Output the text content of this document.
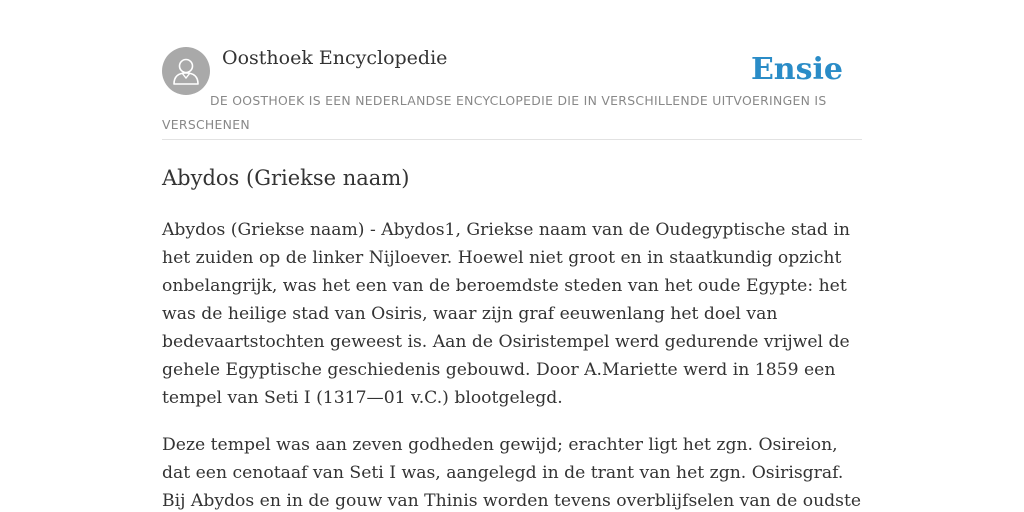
Oosthoek Encyclopedie	Ensie
DE OOSTHOEK IS EEN NEDERLANDSE ENCYCLOPEDIE DIE IN VERSCHILLENDE UITVOERINGEN IS VERSCHENEN
Abydos (Griekse naam)

Abydos (Griekse naam) - Abydos1, Griekse naam van de Oudegyptische stad in het zuiden op de linker Nijloever. Hoewel niet groot en in staatkundig opzicht onbelangrijk, was het een van de beroemdste steden van het oude Egypte: het was de heilige stad van Osiris, waar zijn graf eeuwenlang het doel van bedevaartstochten geweest is. Aan de Osiristempel werd gedurende vrijwel de gehele Egyptische geschiedenis gebouwd. Door A.Mariette werd in 1859 een tempel van Seti I (1317—01 v.C.) blootgelegd.

Deze tempel was aan zeven godheden gewijd; erachter ligt het zgn. Osireion, dat een cenotaaf van Seti I was, aangelegd in de trant van het zgn. Osirisgraf. Bij Abydos en in de gouw van Thinis worden tevens overblijfselen van de oudste
